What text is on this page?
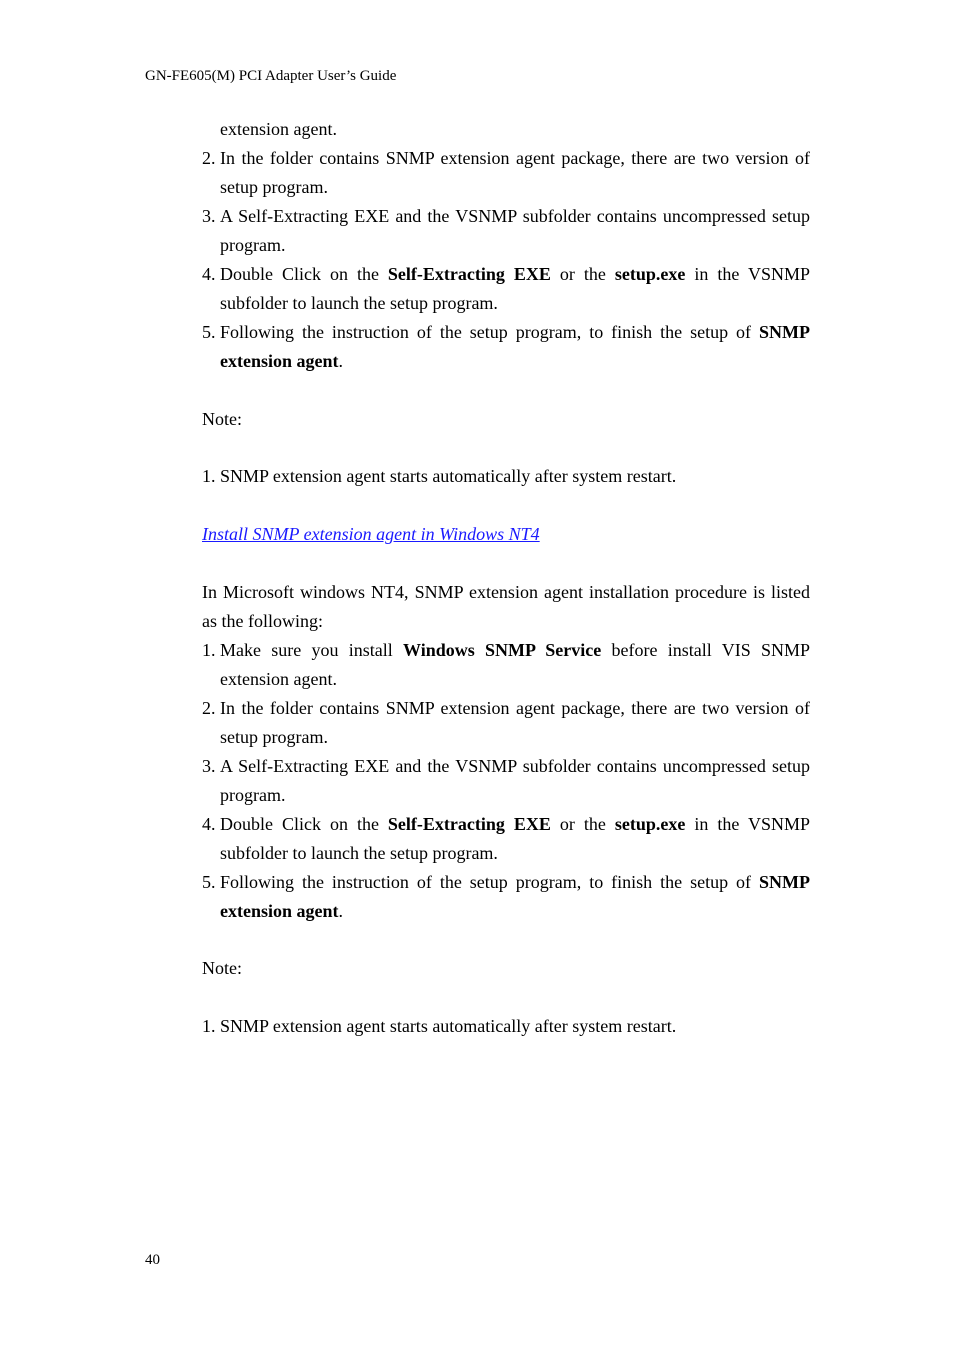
GN-FE605(M) PCI Adapter User’s Guide
extension agent.
2. In the folder contains SNMP extension agent package, there are two version of setup program.
3. A Self-Extracting EXE and the VSNMP subfolder contains uncompressed setup program.
4. Double Click on the Self-Extracting EXE or the setup.exe in the VSNMP subfolder to launch the setup program.
5. Following the instruction of the setup program, to finish the setup of SNMP extension agent.
Note:
1. SNMP extension agent starts automatically after system restart.
Install SNMP extension agent in Windows NT4
In Microsoft windows NT4, SNMP extension agent installation procedure is listed as the following:
1. Make sure you install Windows SNMP Service before install VIS SNMP extension agent.
2. In the folder contains SNMP extension agent package, there are two version of setup program.
3. A Self-Extracting EXE and the VSNMP subfolder contains uncompressed setup program.
4. Double Click on the Self-Extracting EXE or the setup.exe in the VSNMP subfolder to launch the setup program.
5. Following the instruction of the setup program, to finish the setup of SNMP extension agent.
Note:
1. SNMP extension agent starts automatically after system restart.
40
